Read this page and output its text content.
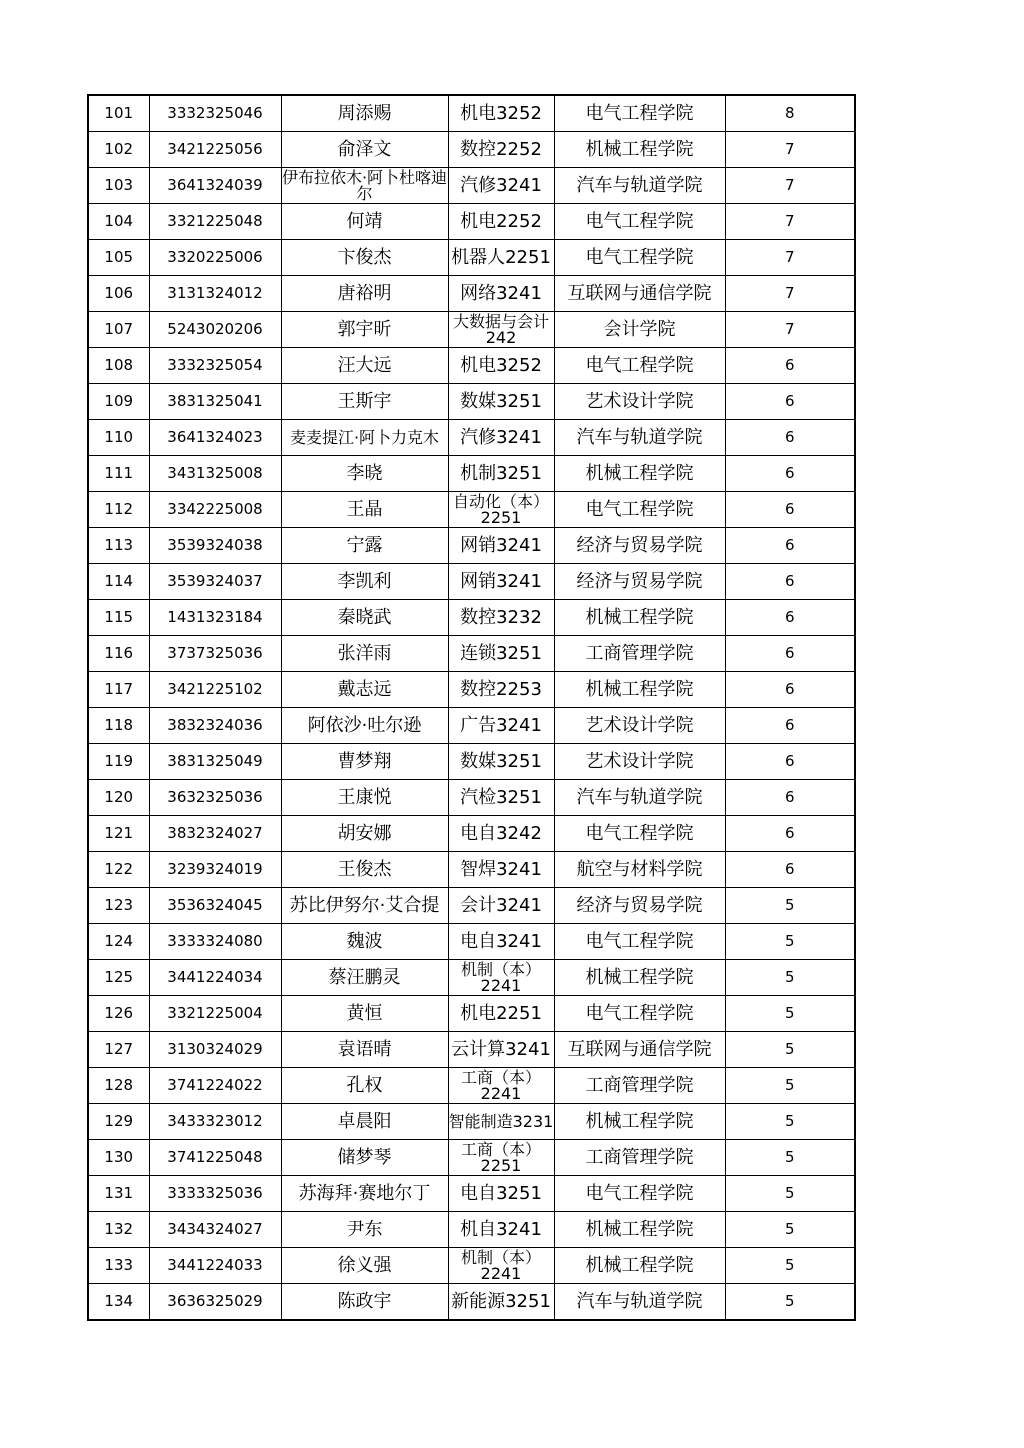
101	3332325046	周添赐	机电3252	电气工程学院	8
102	3421225056	俞泽文	数控2252	机械工程学院	7
103	3641324039	伊布拉依木·阿卜杜喀迪尔	汽修3241	汽车与轨道学院	7
104	3321225048	何靖	机电2252	电气工程学院	7
105	3320225006	卞俊杰	机器人2251	电气工程学院	7
106	3131324012	唐裕明	网络3241	互联网与通信学院	7
107	5243020206	郭宇昕	大数据与会计242	会计学院	7
108	3332325054	汪大远	机电3252	电气工程学院	6
109	3831325041	王斯宇	数媒3251	艺术设计学院	6
110	3641324023	麦麦提江·阿卜力克木	汽修3241	汽车与轨道学院	6
111	3431325008	李晓	机制3251	机械工程学院	6
112	3342225008	王晶	自动化（本）2251	电气工程学院	6
113	3539324038	宁露	网销3241	经济与贸易学院	6
114	3539324037	李凯利	网销3241	经济与贸易学院	6
115	1431323184	秦晓武	数控3232	机械工程学院	6
116	3737325036	张洋雨	连锁3251	工商管理学院	6
117	3421225102	戴志远	数控2253	机械工程学院	6
118	3832324036	阿依沙·吐尔逊	广告3241	艺术设计学院	6
119	3831325049	曹梦翔	数媒3251	艺术设计学院	6
120	3632325036	王康悦	汽检3251	汽车与轨道学院	6
121	3832324027	胡安娜	电自3242	电气工程学院	6
122	3239324019	王俊杰	智焊3241	航空与材料学院	6
123	3536324045	苏比伊努尔·艾合提	会计3241	经济与贸易学院	5
124	3333324080	魏波	电自3241	电气工程学院	5
125	3441224034	蔡汪鹏灵	机制（本）2241	机械工程学院	5
126	3321225004	黄恒	机电2251	电气工程学院	5
127	3130324029	袁语晴	云计算3241	互联网与通信学院	5
128	3741224022	孔权	工商（本）2241	工商管理学院	5
129	3433323012	卓晨阳	智能制造3231	机械工程学院	5
130	3741225048	储梦琴	工商（本）2251	工商管理学院	5
131	3333325036	苏海拜·赛地尔丁	电自3251	电气工程学院	5
132	3434324027	尹东	机自3241	机械工程学院	5
133	3441224033	徐义强	机制（本）2241	机械工程学院	5
134	3636325029	陈政宇	新能源3251	汽车与轨道学院	5
